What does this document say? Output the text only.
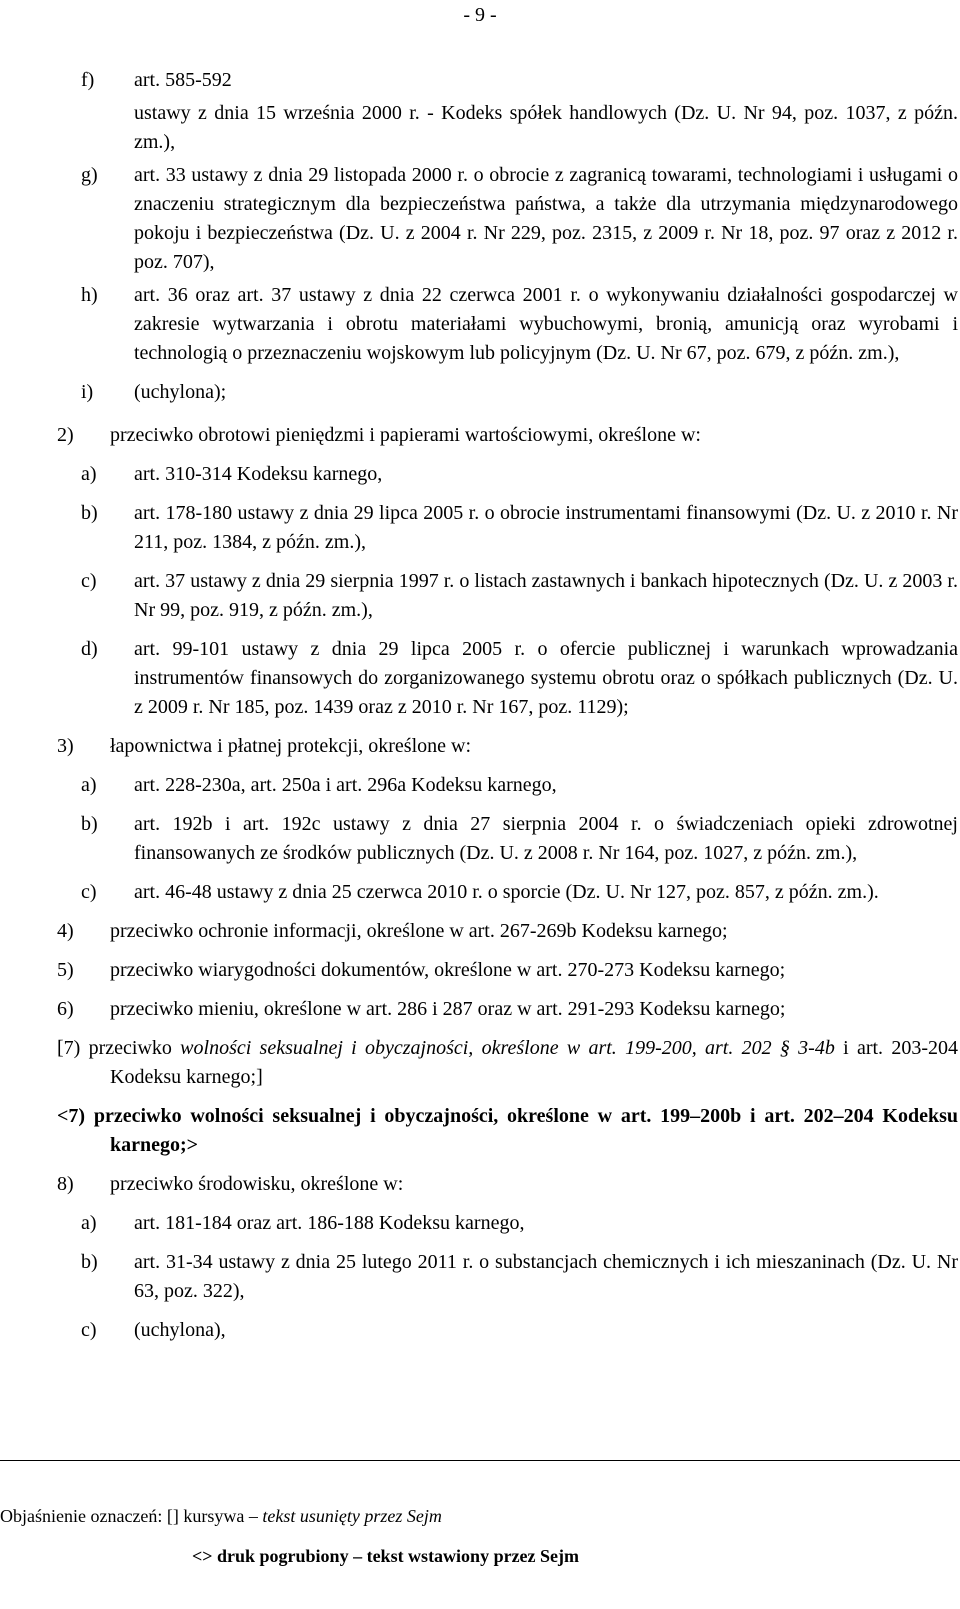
- 9 -
f) art. 585-592
ustawy z dnia 15 września 2000 r. - Kodeks spółek handlowych (Dz. U. Nr 94, poz. 1037, z późn. zm.),
g) art. 33 ustawy z dnia 29 listopada 2000 r. o obrocie z zagranicą towarami, technologiami i usługami o znaczeniu strategicznym dla bezpieczeństwa państwa, a także dla utrzymania międzynarodowego pokoju i bezpieczeństwa (Dz. U. z 2004 r. Nr 229, poz. 2315, z 2009 r. Nr 18, poz. 97 oraz z 2012 r. poz. 707),
h) art. 36 oraz art. 37 ustawy z dnia 22 czerwca 2001 r. o wykonywaniu działalności gospodarczej w zakresie wytwarzania i obrotu materiałami wybuchowymi, bronią, amunicją oraz wyrobami i technologią o przeznaczeniu wojskowym lub policyjnym (Dz. U. Nr 67, poz. 679, z późn. zm.),
i) (uchylona);
2) przeciwko obrotowi pieniędzmi i papierami wartościowymi, określone w:
a) art. 310-314 Kodeksu karnego,
b) art. 178-180 ustawy z dnia 29 lipca 2005 r. o obrocie instrumentami finansowymi (Dz. U. z 2010 r. Nr 211, poz. 1384, z późn. zm.),
c) art. 37 ustawy z dnia 29 sierpnia 1997 r. o listach zastawnych i bankach hipotecznych (Dz. U. z 2003 r. Nr 99, poz. 919, z późn. zm.),
d) art. 99-101 ustawy z dnia 29 lipca 2005 r. o ofercie publicznej i warunkach wprowadzania instrumentów finansowych do zorganizowanego systemu obrotu oraz o spółkach publicznych (Dz. U. z 2009 r. Nr 185, poz. 1439 oraz z 2010 r. Nr 167, poz. 1129);
3) łapownictwa i płatnej protekcji, określone w:
a) art. 228-230a, art. 250a i art. 296a Kodeksu karnego,
b) art. 192b i art. 192c ustawy z dnia 27 sierpnia 2004 r. o świadczeniach opieki zdrowotnej finansowanych ze środków publicznych (Dz. U. z 2008 r. Nr 164, poz. 1027, z późn. zm.),
c) art. 46-48 ustawy z dnia 25 czerwca 2010 r. o sporcie (Dz. U. Nr 127, poz. 857, z późn. zm.).
4) przeciwko ochronie informacji, określone w art. 267-269b Kodeksu karnego;
5) przeciwko wiarygodności dokumentów, określone w art. 270-273 Kodeksu karnego;
6) przeciwko mieniu, określone w art. 286 i 287 oraz w art. 291-293 Kodeksu karnego;
[7) przeciwko wolności seksualnej i obyczajności, określone w art. 199-200, art. 202 § 3-4b i art. 203-204 Kodeksu karnego;]
<7) przeciwko wolności seksualnej i obyczajności, określone w art. 199–200b i art. 202–204 Kodeksu karnego;>
8) przeciwko środowisku, określone w:
a) art. 181-184 oraz art. 186-188 Kodeksu karnego,
b) art. 31-34 ustawy z dnia 25 lutego 2011 r. o substancjach chemicznych i ich mieszaninach (Dz. U. Nr 63, poz. 322),
c) (uchylona),
Objaśnienie oznaczeń: [] kursywa – tekst usunięty przez Sejm
<> druk pogrubiony – tekst wstawiony przez Sejm
